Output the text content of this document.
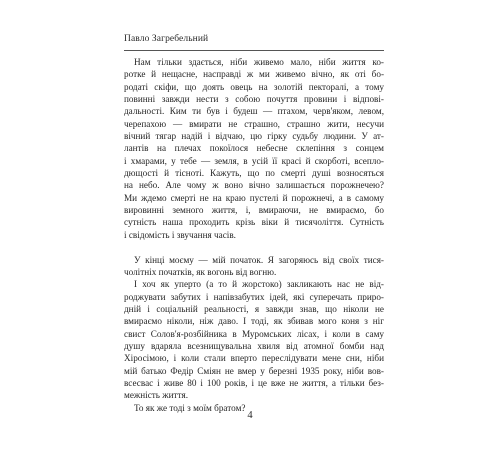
Павло Загребельний
Нам тільки здається, ніби живемо мало, ніби життя ко-
ротке й нещасне, насправді ж ми живемо вічно, як оті бо-
родаті скіфи, що доять овець на золотій пекторалі, а тому
повинні завжди нести з собою почуття провини і відпові-
дальності. Ким ти був і будеш — птахом, черв'яком, левом,
черепахою — вмирати не страшно, страшно жити, несучи
вічний тягар надій і відчаю, цю гірку судьбу людини. У ат-
лантів на плечах покоїлося небесне склепіння з сонцем
і хмарами, у тебе — земля, в усій її красі й скорботі, всепло-
дющості й тісноті. Кажуть, що по смерті душі возносяться
на небо. Але чому ж воно вічно залишається порожнечею?
Ми ждемо смерті не на краю пустелі й порожнечі, а в самому
вировинні земного життя, і, вмираючи, не вмираємо, бо
сутність наша проходить крізь віки й тисячоліття. Сутність
і свідомість і звучання часів.
У кінці моєму — мій початок. Я загоряюсь від своїх тися-
чолітніх початків, як вогонь від вогню.
І хоч як уперто (а то й жорстоко) закликають нас не від-
роджувати забутих і напівзабутих ідей, які суперечать приро-
дній і соціальній реальності, я завжди знав, що ніколи не
вмираємо ніколи, ніж даво. І тоді, як збивав мого коня з ніг
свист Солов'я-розбійника в Муромських лісах, і коли в саму
душу вдаряла всезнищувальна хвиля від атомної бомби над
Хіросімою, і коли стали вперто переслідувати мене сни, ніби
мій батько Федір Сміян не вмер у березні 1935 року, ніби вов-
всесвас і живе 80 і 100 років, і це вже не життя, а тільки без-
межність життя.
То як же тоді з моїм братом?
4
